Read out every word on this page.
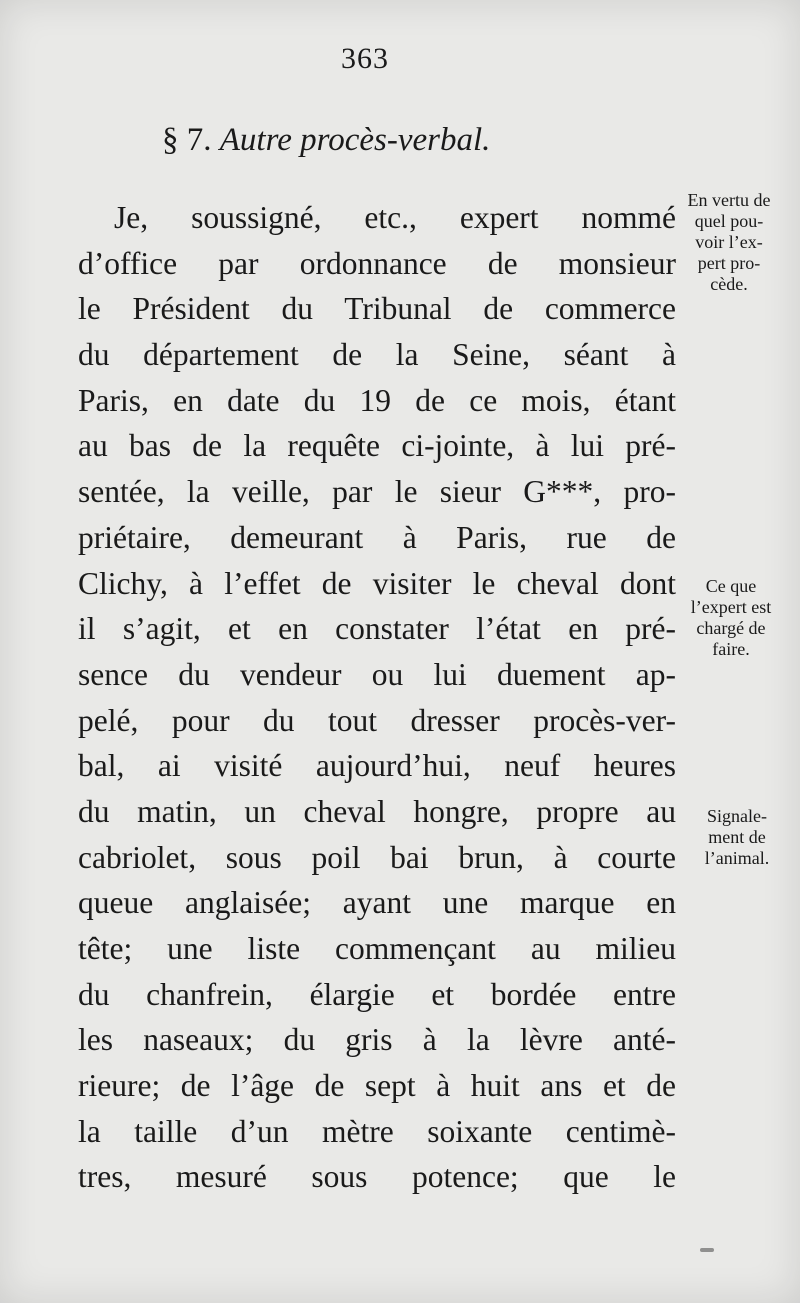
363
§ 7. Autre procès-verbal.
Je, soussigné, etc., expert nommé
d’office par ordonnance de monsieur
le Président du Tribunal de commerce
du département de la Seine, séant à
Paris, en date du 19 de ce mois, étant
au bas de la requête ci-jointe, à lui pré-
sentée, la veille, par le sieur G***, pro-
priétaire, demeurant à Paris, rue de
Clichy, à l’effet de visiter le cheval dont
il s’agit, et en constater l’état en pré-
sence du vendeur ou lui duement ap-
pelé, pour du tout dresser procès-ver-
bal, ai visité aujourd’hui, neuf heures
du matin, un cheval hongre, propre au
cabriolet, sous poil bai brun, à courte
queue anglaisée; ayant une marque en
tête; une liste commençant au milieu
du chanfrein, élargie et bordée entre
les naseaux; du gris à la lèvre anté-
rieure; de l’âge de sept à huit ans et de
la taille d’un mètre soixante centimè-
tres, mesuré sous potence; que le
En vertu de
quel pou-
voir l’ex-
pert pro-
cède.
Ce que
l’expert est
chargé de
faire.
Signale-
ment de
l’animal.
